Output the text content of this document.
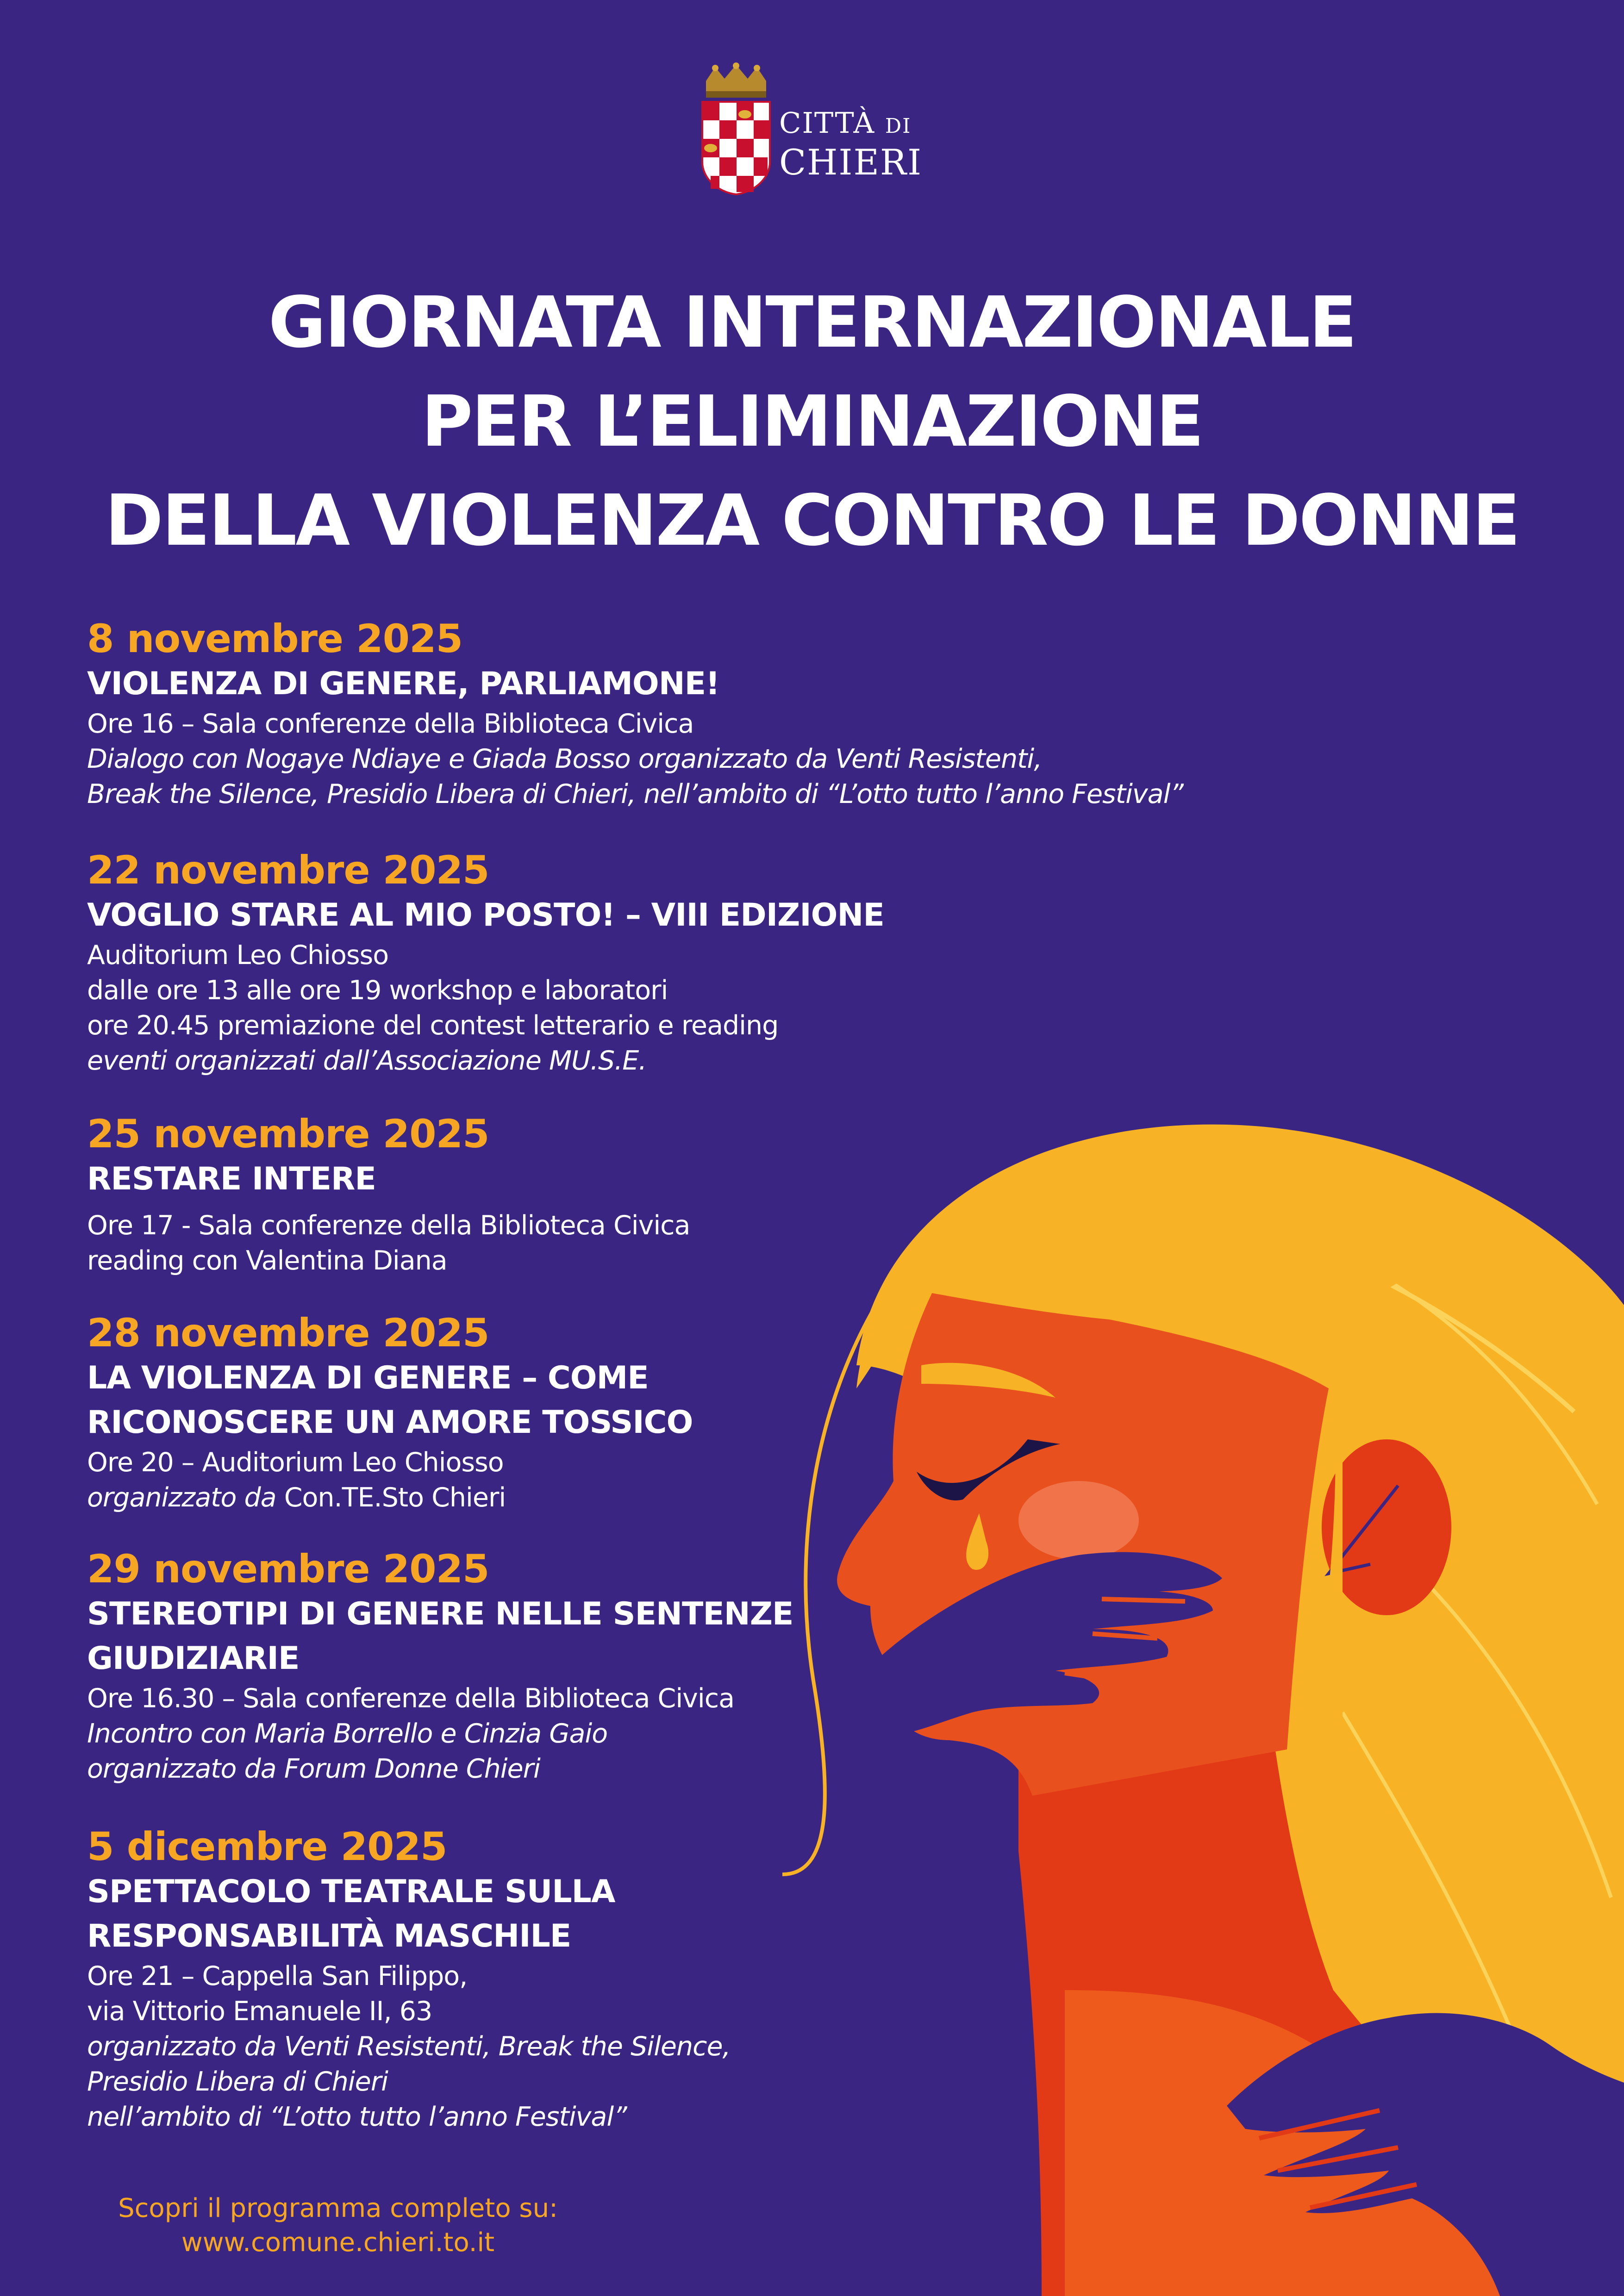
CITTÀ DI
CHIERI
GIORNATA INTERNAZIONALE
PER L’ELIMINAZIONE
DELLA VIOLENZA CONTRO LE DONNE
8 novembre 2025
VIOLENZA DI GENERE, PARLIAMONE!
Ore 16 – Sala conferenze della Biblioteca Civica
Dialogo con Nogaye Ndiaye e Giada Bosso organizzato da Venti Resistenti,
Break the Silence, Presidio Libera di Chieri, nell’ambito di “L’otto tutto l’anno Festival”
22 novembre 2025
VOGLIO STARE AL MIO POSTO! – VIII EDIZIONE
Auditorium Leo Chiosso
dalle ore 13 alle ore 19 workshop e laboratori
ore 20.45 premiazione del contest letterario e reading
eventi organizzati dall’Associazione MU.S.E.
25 novembre 2025
RESTARE INTERE
Ore 17 - Sala conferenze della Biblioteca Civica
reading con Valentina Diana
28 novembre 2025
LA VIOLENZA DI GENERE – COME
RICONOSCERE UN AMORE TOSSICO
Ore 20 – Auditorium Leo Chiosso
organizzato da Con.TE.Sto Chieri
29 novembre 2025
STEREOTIPI DI GENERE NELLE SENTENZE
GIUDIZIARIE
Ore 16.30 – Sala conferenze della Biblioteca Civica
Incontro con Maria Borrello e Cinzia Gaio
organizzato da Forum Donne Chieri
5 dicembre 2025
SPETTACOLO TEATRALE SULLA
RESPONSABILITÀ MASCHILE
Ore 21 – Cappella San Filippo,
via Vittorio Emanuele II, 63
organizzato da Venti Resistenti, Break the Silence,
Presidio Libera di Chieri
nell’ambito di “L’otto tutto l’anno Festival”
Scopri il programma completo su:
www.comune.chieri.to.it
